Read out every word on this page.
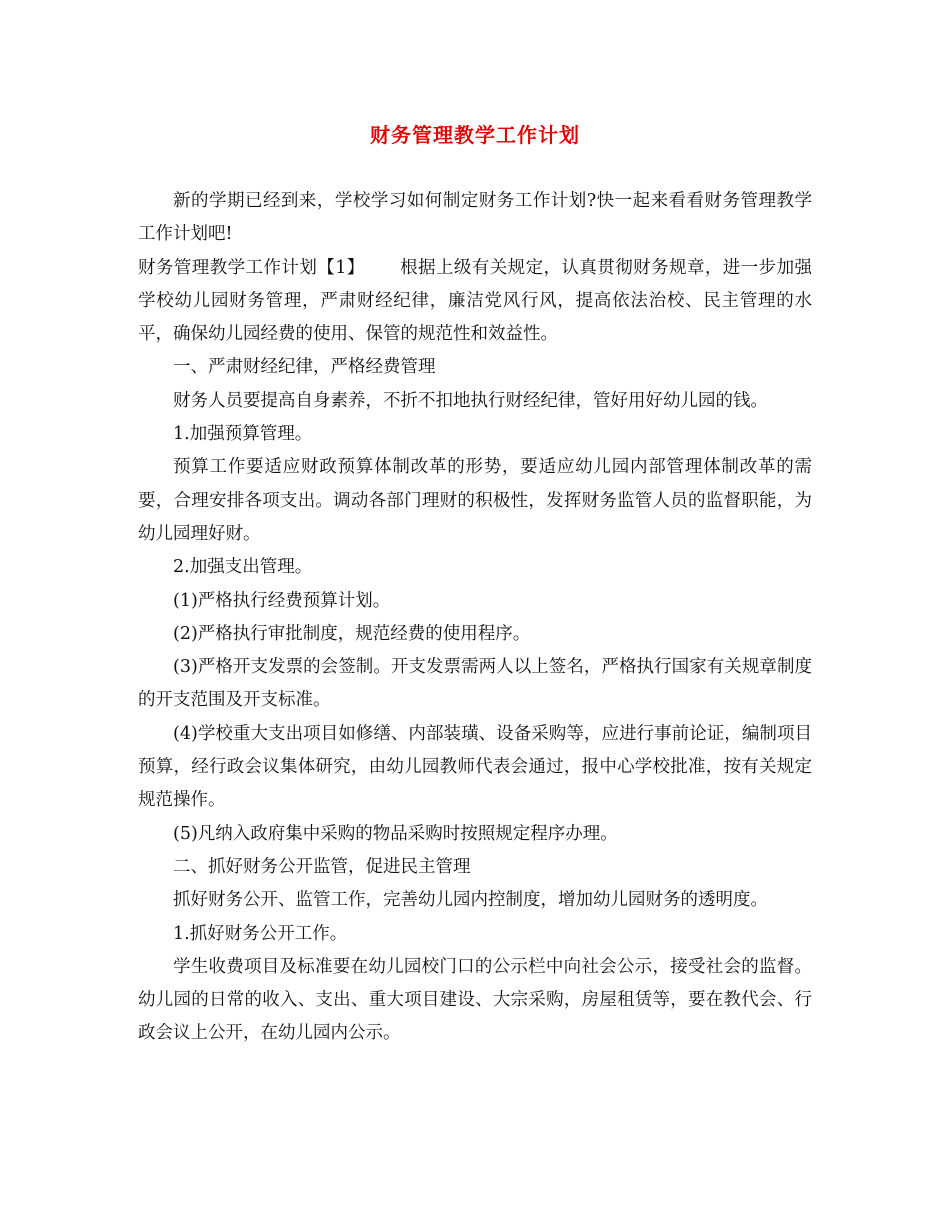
财务管理教学工作计划

新的学期已经到来，学校学习如何制定财务工作计划?快一起来看看财务管理教学工作计划吧!

财务管理教学工作计划【1】 根据上级有关规定，认真贯彻财务规章，进一步加强学校幼儿园财务管理，严肃财经纪律，廉洁党风行风，提高依法治校、民主管理的水平，确保幼儿园经费的使用、保管的规范性和效益性。

一、严肃财经纪律，严格经费管理

财务人员要提高自身素养，不折不扣地执行财经纪律，管好用好幼儿园的钱。

1.加强预算管理。

预算工作要适应财政预算体制改革的形势，要适应幼儿园内部管理体制改革的需要，合理安排各项支出。调动各部门理财的积极性，发挥财务监管人员的监督职能，为幼儿园理好财。

2.加强支出管理。

(1)严格执行经费预算计划。

(2)严格执行审批制度，规范经费的使用程序。

(3)严格开支发票的会签制。开支发票需两人以上签名，严格执行国家有关规章制度的开支范围及开支标准。

(4)学校重大支出项目如修缮、内部装璜、设备采购等，应进行事前论证，编制项目预算，经行政会议集体研究，由幼儿园教师代表会通过，报中心学校批准，按有关规定规范操作。

(5)凡纳入政府集中采购的物品采购时按照规定程序办理。

二、抓好财务公开监管，促进民主管理

抓好财务公开、监管工作，完善幼儿园内控制度，增加幼儿园财务的透明度。

1.抓好财务公开工作。

学生收费项目及标准要在幼儿园校门口的公示栏中向社会公示，接受社会的监督。幼儿园的日常的收入、支出、重大项目建设、大宗采购，房屋租赁等，要在教代会、行政会议上公开，在幼儿园内公示。
